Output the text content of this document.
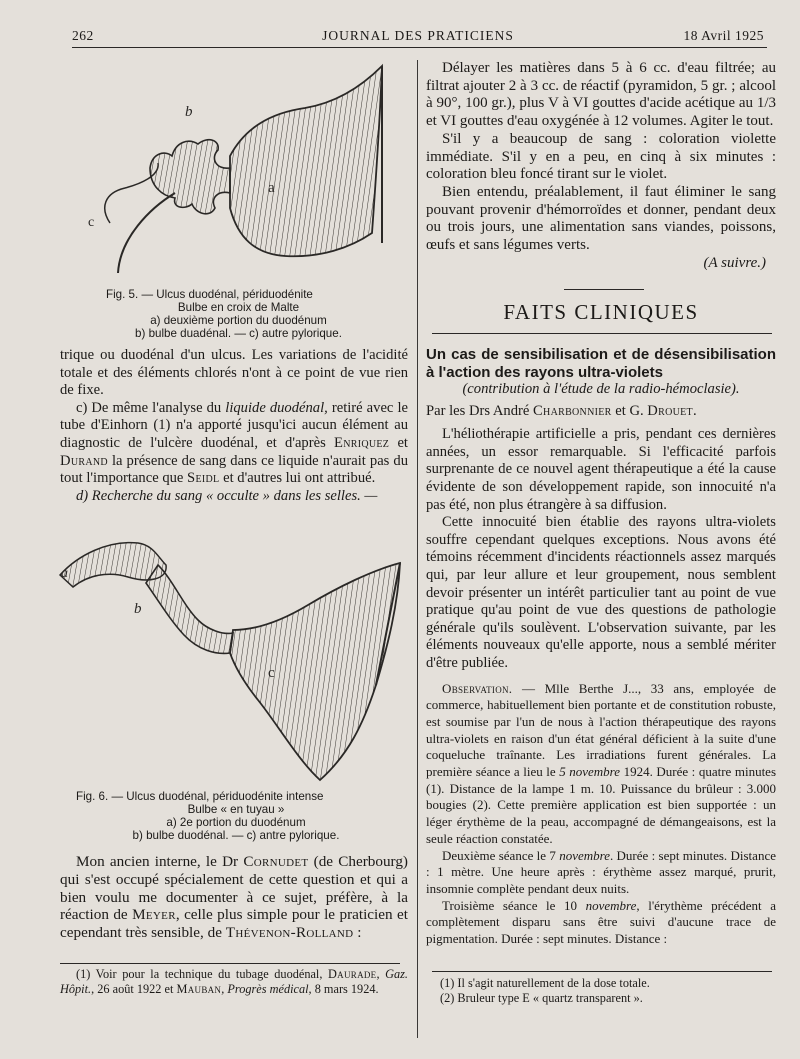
262	JOURNAL DES PRATICIENS	18 Avril 1925
b
c
a
Fig. 5. — Ulcus duodénal, périduodénite
Bulbe en croix de Malte
a) deuxième portion du duodénum
b) bulbe duadénal. — c) autre pylorique.

trique ou duodénal d'un ulcus. Les variations de l'acidité totale et des éléments chlorés n'ont à ce point de vue rien de fixe.

c) De même l'analyse du liquide duodénal, retiré avec le tube d'Einhorn (1) n'a apporté jusqu'ici aucun élément au diagnostic de l'ulcère duodénal, et d'après Enriquez et Durand la présence de sang dans ce liquide n'aurait pas du tout l'importance que Seidl et d'autres lui ont attribué.

d) Recherche du sang « occulte » dans les selles. —

a
b
c
Fig. 6. — Ulcus duodénal, périduodénite intense
Bulbe « en tuyau »
a) 2e portion du duodénum
b) bulbe duodénal. — c) antre pylorique.

Mon ancien interne, le Dr Cornudet (de Cherbourg) qui s'est occupé spécialement de cette question et qui a bien voulu me documenter à ce sujet, préfère, à la réaction de Meyer, celle plus simple pour le praticien et cependant très sensible, de Thévenon-Rolland :

(1) Voir pour la technique du tubage duodénal, Daurade, Gaz. Hôpit., 26 août 1922 et Mauban, Progrès médical, 8 mars 1924.

Délayer les matières dans 5 à 6 cc. d'eau filtrée; au filtrat ajouter 2 à 3 cc. de réactif (pyramidon, 5 gr. ; alcool à 90°, 100 gr.), plus V à VI gouttes d'acide acétique au 1/3 et VI gouttes d'eau oxygénée à 12 volumes. Agiter le tout.

S'il y a beaucoup de sang : coloration violette immédiate. S'il y en a peu, en cinq à six minutes : coloration bleu foncé tirant sur le violet.

Bien entendu, préalablement, il faut éliminer le sang pouvant provenir d'hémorroïdes et donner, pendant deux ou trois jours, une alimentation sans viandes, poissons, œufs et sans légumes verts.

(A suivre.)

FAITS CLINIQUES

Un cas de sensibilisation et de désensibilisation à l'action des rayons ultra-violets

(contribution à l'étude de la radio-hémoclasie).

Par les Drs André Charbonnier et G. Drouet.

L'héliothérapie artificielle a pris, pendant ces dernières années, un essor remarquable. Si l'efficacité parfois surprenante de ce nouvel agent thérapeutique a été la cause évidente de son développement rapide, son innocuité n'a pas été, non plus étrangère à sa diffusion.

Cette innocuité bien établie des rayons ultra-violets souffre cependant quelques exceptions. Nous avons été témoins récemment d'incidents réactionnels assez marqués qui, par leur allure et leur groupement, nous semblent devoir présenter un intérêt particulier tant au point de vue pratique qu'au point de vue des questions de pathologie générale qu'ils soulèvent. L'observation suivante, par les éléments nouveaux qu'elle apporte, nous a semblé mériter d'être publiée.

Observation. — Mlle Berthe J..., 33 ans, employée de commerce, habituellement bien portante et de constitution robuste, est soumise par l'un de nous à l'action thérapeutique des rayons ultra-violets en raison d'un état général déficient à la suite d'une coqueluche traînante. Les irradiations furent générales. La première séance a lieu le 5 novembre 1924. Durée : quatre minutes (1). Distance de la lampe 1 m. 10. Puissance du brûleur : 3.000 bougies (2). Cette première application est bien supportée : un léger érythème de la peau, accompagné de démangeaisons, est la seule réaction constatée.

Deuxième séance le 7 novembre. Durée : sept minutes. Distance : 1 mètre. Une heure après : érythème assez marqué, prurit, insomnie complète pendant deux nuits.

Troisième séance le 10 novembre, l'érythème précédent a complètement disparu sans être suivi d'aucune trace de pigmentation. Durée : sept minutes. Distance :

(1) Il s'agit naturellement de la dose totale.

(2) Bruleur type E « quartz transparent ».
